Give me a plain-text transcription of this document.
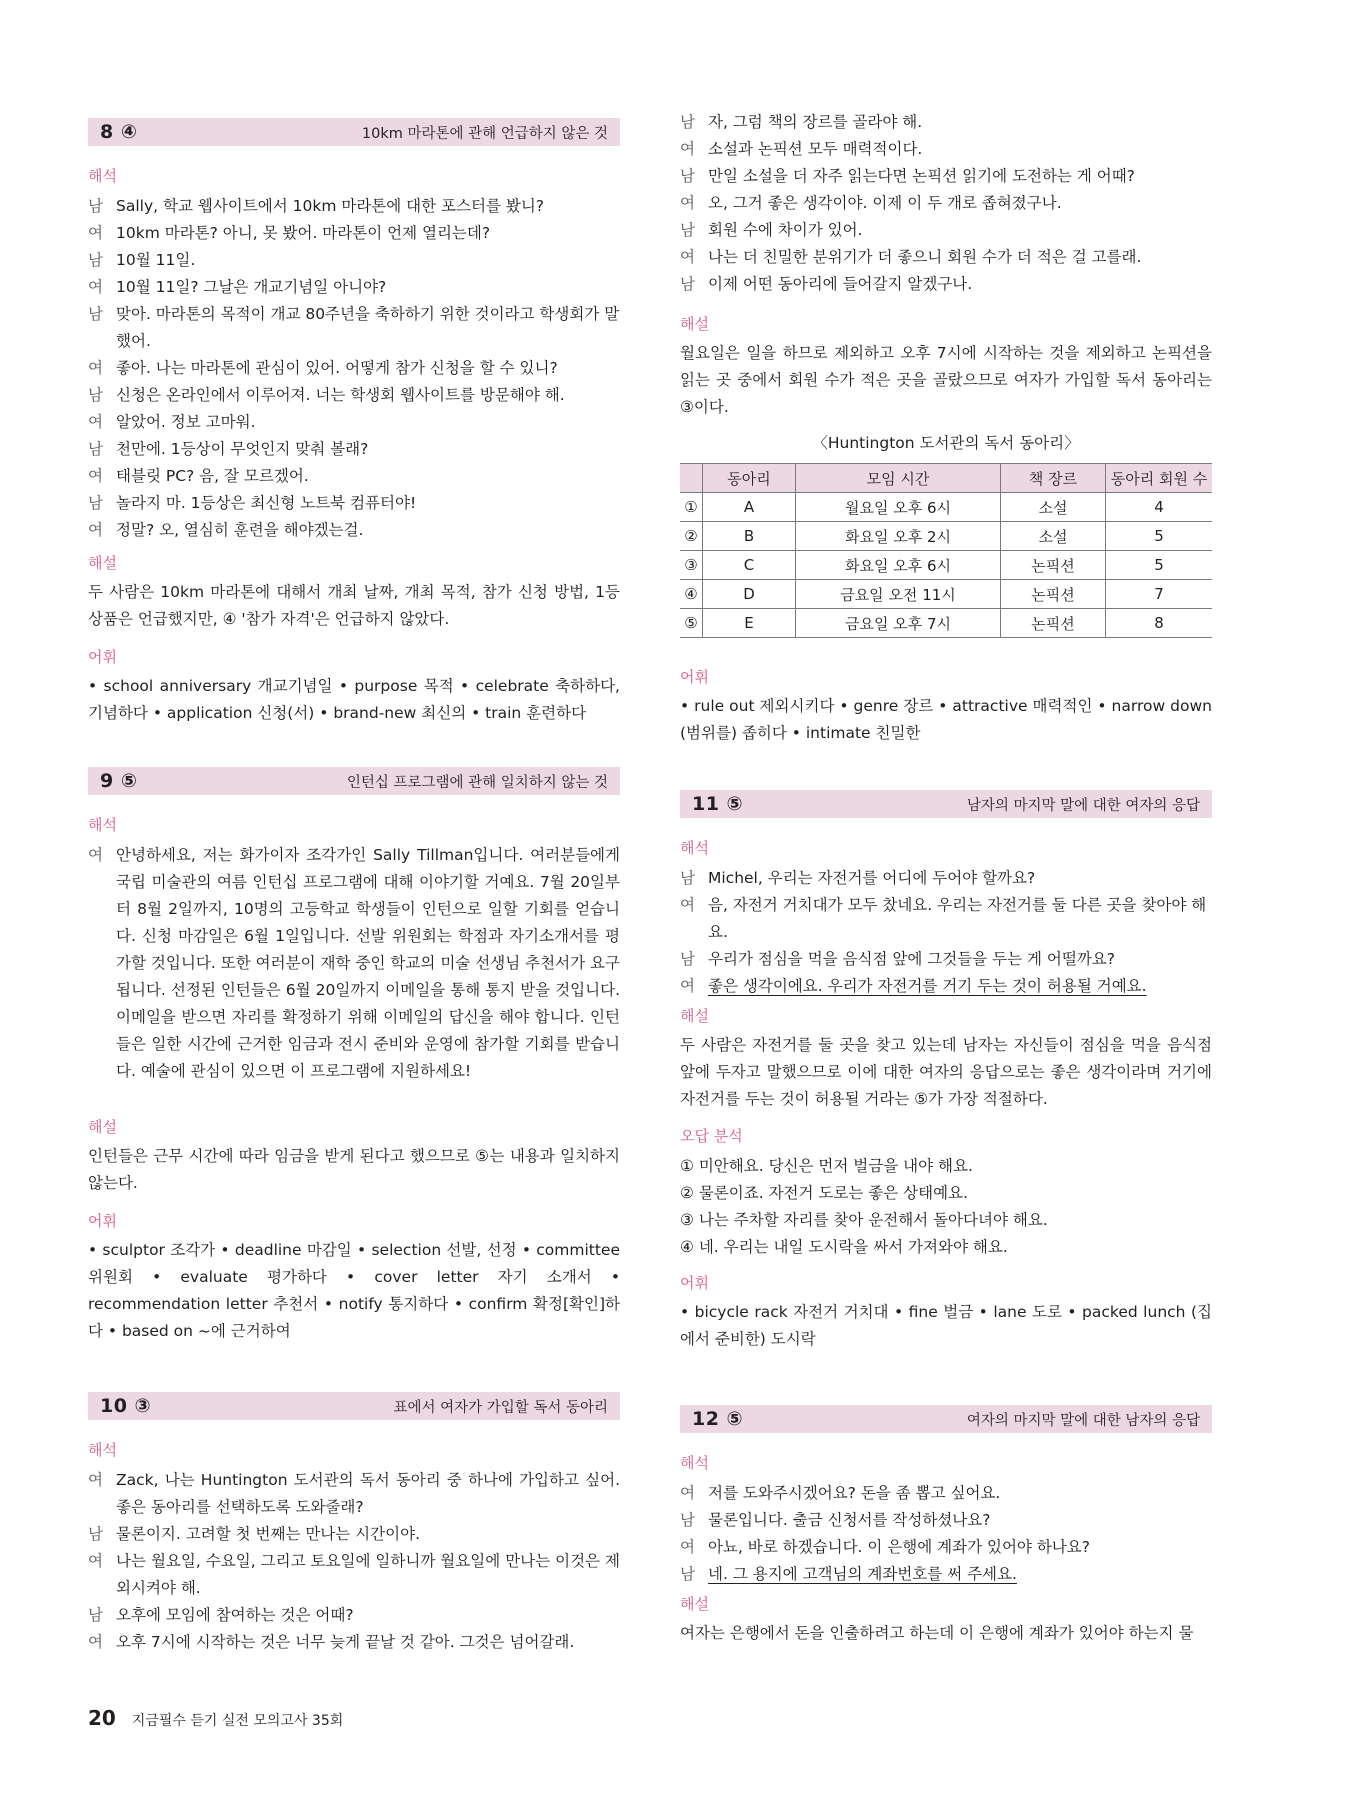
8 ④	10km 마라톤에 관해 언급하지 않은 것

해석

남 Sally, 학교 웹사이트에서 10km 마라톤에 대한 포스터를 봤니?
여 10km 마라톤? 아니, 못 봤어. 마라톤이 언제 열리는데?
남 10월 11일.
여 10월 11일? 그날은 개교기념일 아니야?
남 맞아. 마라톤의 목적이 개교 80주년을 축하하기 위한 것이라고 학생회가 말했어.
여 좋아. 나는 마라톤에 관심이 있어. 어떻게 참가 신청을 할 수 있니?
남 신청은 온라인에서 이루어져. 너는 학생회 웹사이트를 방문해야 해.
여 알았어. 정보 고마워.
남 천만에. 1등상이 무엇인지 맞춰 볼래?
여 태블릿 PC? 음, 잘 모르겠어.
남 놀라지 마. 1등상은 최신형 노트북 컴퓨터야!
여 정말? 오, 열심히 훈련을 해야겠는걸.

해설

두 사람은 10km 마라톤에 대해서 개최 날짜, 개최 목적, 참가 신청 방법, 1등 상품은 언급했지만, ④ '참가 자격'은 언급하지 않았다.

어휘

• school anniversary 개교기념일 • purpose 목적 • celebrate 축하하다, 기념하다 • application 신청(서) • brand-new 최신의 • train 훈련하다

9 ⑤	인턴십 프로그램에 관해 일치하지 않는 것

해석

여 안녕하세요, 저는 화가이자 조각가인 Sally Tillman입니다. 여러분들에게 국립 미술관의 여름 인턴십 프로그램에 대해 이야기할 거예요. 7월 20일부터 8월 2일까지, 10명의 고등학교 학생들이 인턴으로 일할 기회를 얻습니다. 신청 마감일은 6월 1일입니다. 선발 위원회는 학점과 자기소개서를 평가할 것입니다. 또한 여러분이 재학 중인 학교의 미술 선생님 추천서가 요구됩니다. 선정된 인턴들은 6월 20일까지 이메일을 통해 통지 받을 것입니다. 이메일을 받으면 자리를 확정하기 위해 이메일의 답신을 해야 합니다. 인턴들은 일한 시간에 근거한 임금과 전시 준비와 운영에 참가할 기회를 받습니다. 예술에 관심이 있으면 이 프로그램에 지원하세요!

해설

인턴들은 근무 시간에 따라 임금을 받게 된다고 했으므로 ⑤는 내용과 일치하지 않는다.

어휘

• sculptor 조각가 • deadline 마감일 • selection 선발, 선정 • committee 위원회 • evaluate 평가하다 • cover letter 자기 소개서 • recommendation letter 추천서 • notify 통지하다 • confirm 확정[확인]하다 • based on ~에 근거하여

10 ③	표에서 여자가 가입할 독서 동아리

해석

여 Zack, 나는 Huntington 도서관의 독서 동아리 중 하나에 가입하고 싶어. 좋은 동아리를 선택하도록 도와줄래?
남 물론이지. 고려할 첫 번째는 만나는 시간이야.
여 나는 월요일, 수요일, 그리고 토요일에 일하니까 월요일에 만나는 이것은 제외시켜야 해.
남 오후에 모임에 참여하는 것은 어때?
여 오후 7시에 시작하는 것은 너무 늦게 끝날 것 같아. 그것은 넘어갈래.
남 자, 그럼 책의 장르를 골라야 해.
여 소설과 논픽션 모두 매력적이다.
남 만일 소설을 더 자주 읽는다면 논픽션 읽기에 도전하는 게 어때?
여 오, 그거 좋은 생각이야. 이제 이 두 개로 좁혀졌구나.
남 회원 수에 차이가 있어.
여 나는 더 친밀한 분위기가 더 좋으니 회원 수가 더 적은 걸 고를래.
남 이제 어떤 동아리에 들어갈지 알겠구나.

해설

월요일은 일을 하므로 제외하고 오후 7시에 시작하는 것을 제외하고 논픽션을 읽는 곳 중에서 회원 수가 적은 곳을 골랐으므로 여자가 가입할 독서 동아리는 ③이다.

〈Huntington 도서관의 독서 동아리〉

	동아리	모임 시간	책 장르	동아리 회원 수
①	A	월요일 오후 6시	소설	4
②	B	화요일 오후 2시	소설	5
③	C	화요일 오후 6시	논픽션	5
④	D	금요일 오전 11시	논픽션	7
⑤	E	금요일 오후 7시	논픽션	8

어휘

• rule out 제외시키다 • genre 장르 • attractive 매력적인 • narrow down (범위를) 좁히다 • intimate 친밀한

11 ⑤	남자의 마지막 말에 대한 여자의 응답

해석

남 Michel, 우리는 자전거를 어디에 두어야 할까요?
여 음, 자전거 거치대가 모두 찼네요. 우리는 자전거를 둘 다른 곳을 찾아야 해요.
남 우리가 점심을 먹을 음식점 앞에 그것들을 두는 게 어떨까요?
여 좋은 생각이에요. 우리가 자전거를 거기 두는 것이 허용될 거예요.

해설

두 사람은 자전거를 둘 곳을 찾고 있는데 남자는 자신들이 점심을 먹을 음식점 앞에 두자고 말했으므로 이에 대한 여자의 응답으로는 좋은 생각이라며 거기에 자전거를 두는 것이 허용될 거라는 ⑤가 가장 적절하다.

오답 분석

① 미안해요. 당신은 먼저 벌금을 내야 해요.
② 물론이죠. 자전거 도로는 좋은 상태예요.
③ 나는 주차할 자리를 찾아 운전해서 돌아다녀야 해요.
④ 네. 우리는 내일 도시락을 싸서 가져와야 해요.

어휘

• bicycle rack 자전거 거치대 • fine 벌금 • lane 도로 • packed lunch (집에서 준비한) 도시락

12 ⑤	여자의 마지막 말에 대한 남자의 응답

해석

여 저를 도와주시겠어요? 돈을 좀 뽑고 싶어요.
남 물론입니다. 출금 신청서를 작성하셨나요?
여 아뇨, 바로 하겠습니다. 이 은행에 계좌가 있어야 하나요?
남 네. 그 용지에 고객님의 계좌번호를 써 주세요.

해설

여자는 은행에서 돈을 인출하려고 하는데 이 은행에 계좌가 있어야 하는지 물

20 지금필수 듣기 실전 모의고사 35회
